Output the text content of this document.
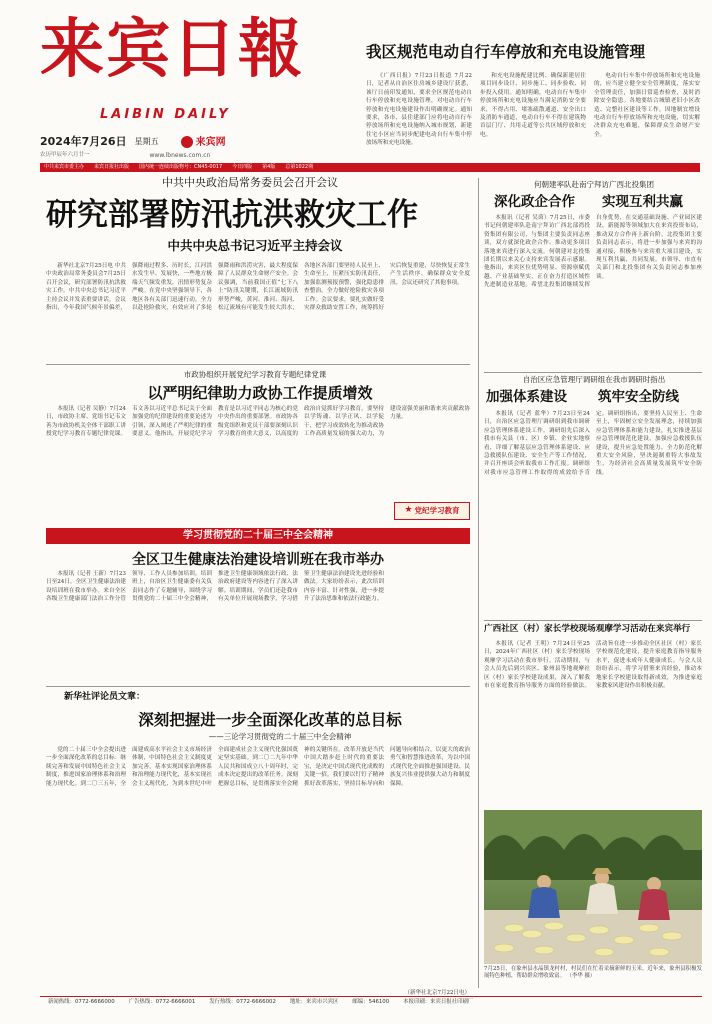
来宾日報
LAIBIN DAILY
2024年7月26日 星期五	来宾网
农历甲辰年六月廿一	www.lbnews.com.cn
我区规范电动自行车停放和充电设施管理

《广西日报》7月23日报道 7月22日，记者从自治区住房城乡建设厅获悉，该厅日前印发通知，要求全区规范电动自行车停放和充电设施管理，对电动自行车停放和充电设施建设作出明确规定。通知要求，各市、县住建部门应将电动自行车停放场所和充电设施纳入城市规划，新建住宅小区应当同步配建电动自行车集中停放场所和充电设施。

和充电设施配建比例、确保新建居住项目同步设计、同步施工、同步验收、同步投入使用。通知明确，电动自行车集中停放场所和充电设施应当满足消防安全要求，不得占用、堵塞疏散通道、安全出口及消防车通道，电动自行车不得在建筑物首层门厅、共用走道等公共区域停放和充电。

电动自行车集中停放场所和充电设施的，应当建立健全安全管理制度，落实安全管理责任，加强日常巡查检查，及时消除安全隐患。各地要结合城镇老旧小区改造、完整社区建设等工作，因地制宜增设电动自行车停放场所和充电设施，切实解决群众充电难题，保障群众生命财产安全。

中共来宾市委主办 来宾日报社出版 国内统一连续出版物号：CN45-0017 今日四版 第4版 总第1022期
中共中央政治局常务委员会召开会议
研究部署防汛抗洪救灾工作
中共中央总书记习近平主持会议

新华社北京7月25日电 中共中央政治局常务委员会7月25日召开会议，研究部署防汛抗洪救灾工作。中共中央总书记习近平主持会议并发表重要讲话。会议指出，今年我国气候年景偏差，强降雨过程多、历时长，江河洪水发生早、发展快，一些地方极端天气频发重发，汛情形势复杂严峻。在党中央坚强领导下，各地区各有关部门迅速行动，全力以赴抢险救灾，有效应对了多轮强降雨和洪涝灾害，最大程度保障了人民群众生命财产安全。会议强调，当前我国正值“七下八上”防汛关键期，长江流域防汛形势严峻，黄河、淮河、海河、松辽流域有可能发生较大洪水，各地区各部门要坚持人民至上、生命至上，压紧压实防汛责任，加强监测预报预警，强化隐患排查整治，全力做好抢险救灾各项工作。会议要求，要扎实做好受灾群众救助安置工作，统筹抓好灾后恢复重建，尽快恢复正常生产生活秩序，确保群众安全度汛。会议还研究了其他事项。

市政协组织开展党纪学习教育专题纪律党课
以严明纪律助力政协工作提质增效

本报讯（记者 吴静）7月24日，市政协主席、党组书记韦文善为市政协机关全体干部职工讲授党纪学习教育专题纪律党课。韦文善以习近平总书记关于全面加强党的纪律建设的重要论述为引领，深入阐述了严明纪律的重要意义。他指出，开展党纪学习教育是以习近平同志为核心的党中央作出的重要部署。市政协各级党组织和党员干部要深刻认识学习教育的重大意义，以高度的政治自觉抓好学习教育。要坚持以学铸魂、以学正风、以学促干，把学习成效转化为推动政协工作高质量发展的强大动力，为建设富强美丽和谐来宾贡献政协力量。

★ 党纪学习教育
学习贯彻党的二十届三中全会精神
全区卫生健康法治建设培训班在我市举办

本报讯（记者 王新）7月23日至24日，全区卫生健康法治建设培训班在我市举办。来自全区各级卫生健康部门法治工作分管领导、工作人员参加培训。培训班上，自治区卫生健康委有关负责同志作了专题辅导，围绕学习贯彻党的二十届三中全会精神，推进卫生健康领域依法行政、法治政府建设等内容进行了深入讲解。培训期间，学员们还赴我市有关单位开展现场教学，学习借鉴卫生健康法治建设先进经验和做法。大家纷纷表示，此次培训内容丰富、针对性强，进一步提升了法治思维和依法行政能力。

新华社评论员文章：
深刻把握进一步全面深化改革的总目标
——三论学习贯彻党的二十届三中全会精神

党的二十届三中全会提出进一步全面深化改革的总目标：继续完善和发展中国特色社会主义制度，推进国家治理体系和治理能力现代化。到二〇三五年，全面建成高水平社会主义市场经济体制，中国特色社会主义制度更加完善，基本实现国家治理体系和治理能力现代化，基本实现社会主义现代化，为到本世纪中叶全面建成社会主义现代化强国奠定坚实基础。到二〇二九年中华人民共和国成立八十周年时，完成本决定提出的改革任务。深刻把握总目标，是贯彻落实全会精神的关键所在。改革开放是当代中国大踏步赶上时代的重要法宝，是决定中国式现代化成败的关键一招。我们要以钉钉子精神抓好改革落实，坚持目标导向和问题导向相结合，以更大的政治勇气和智慧推进改革，为以中国式现代化全面推进强国建设、民族复兴伟业提供强大动力和制度保障。

（新华社北京7月22日电）
何朝建率队赴南宁拜访广西北投集团
深化政企合作	实现互利共赢

本报讯（记者 吴茵）7月25日，市委书记何朝建率队赴南宁拜访广西北部湾投资集团有限公司，与集团主要负责同志座谈，双方就深化政企合作、推动更多项目落地来宾进行深入交流。何朝建对北投集团长期以来关心支持来宾发展表示感谢。他指出，来宾区位优势明显、资源禀赋优越、产业基础坚实，正在奋力打造区域性先进制造业基地。希望北投集团继续发挥自身优势，在交通基础设施、产业园区建设、新能源等领域加大在来宾投资布局，推动双方合作再上新台阶。北投集团主要负责同志表示，将进一步加强与来宾的沟通对接，积极参与来宾重大项目建设，实现互利共赢、共同发展。市领导、市直有关部门和北投集团有关负责同志参加座谈。

自治区应急管理厅调研组在我市调研时指出
加强体系建设	筑牢安全防线

本报讯（记者 蓝华）7月23日至24日，自治区应急管理厅调研组到我市调研应急管理体系建设工作。调研组先后深入我市有关县（市、区）乡镇、企业实地察看，详细了解基层应急管理体系建设、应急救援队伍建设、安全生产等工作情况，并召开座谈会听取我市工作汇报。调研组对我市应急管理工作取得的成效给予肯定。调研组指出，要坚持人民至上、生命至上，牢固树立安全发展理念，持续加强应急管理体系和能力建设，扎实推进基层应急管理规范化建设，加强应急救援队伍建设，提升应急处置能力，全力防范化解重大安全风险，坚决遏制重特大事故发生，为经济社会高质量发展筑牢安全防线。

广西社区（村）家长学校现场观摩学习活动在来宾举行

本报讯（记者 王明）7月24日至25日，2024年广西社区（村）家长学校现场观摩学习活动在我市举行。活动期间，与会人员先后到兴宾区、象州县等地观摩社区（村）家长学校建设成果，深入了解我市在家庭教育指导服务方面的经验做法。活动旨在进一步推动全区社区（村）家长学校规范化建设，提升家庭教育指导服务水平，促进未成年人健康成长。与会人员纷纷表示，将学习借鉴来宾经验，推动本地家长学校建设取得新成效，为推进家庭家教家风建设作出积极贡献。

7月25日，在象州县水晶镇龙村村，村民们在忙着采摘新鲜的玉米。近年来，象州县积极发展特色种植，帮助群众增收致富。 （李华 摄）
新闻热线：0772-6666000	广告热线：0772-6666001	发行热线：0772-6666002	地址：来宾市兴宾区	邮编：546100	本报印刷：来宾日报社印刷厂
